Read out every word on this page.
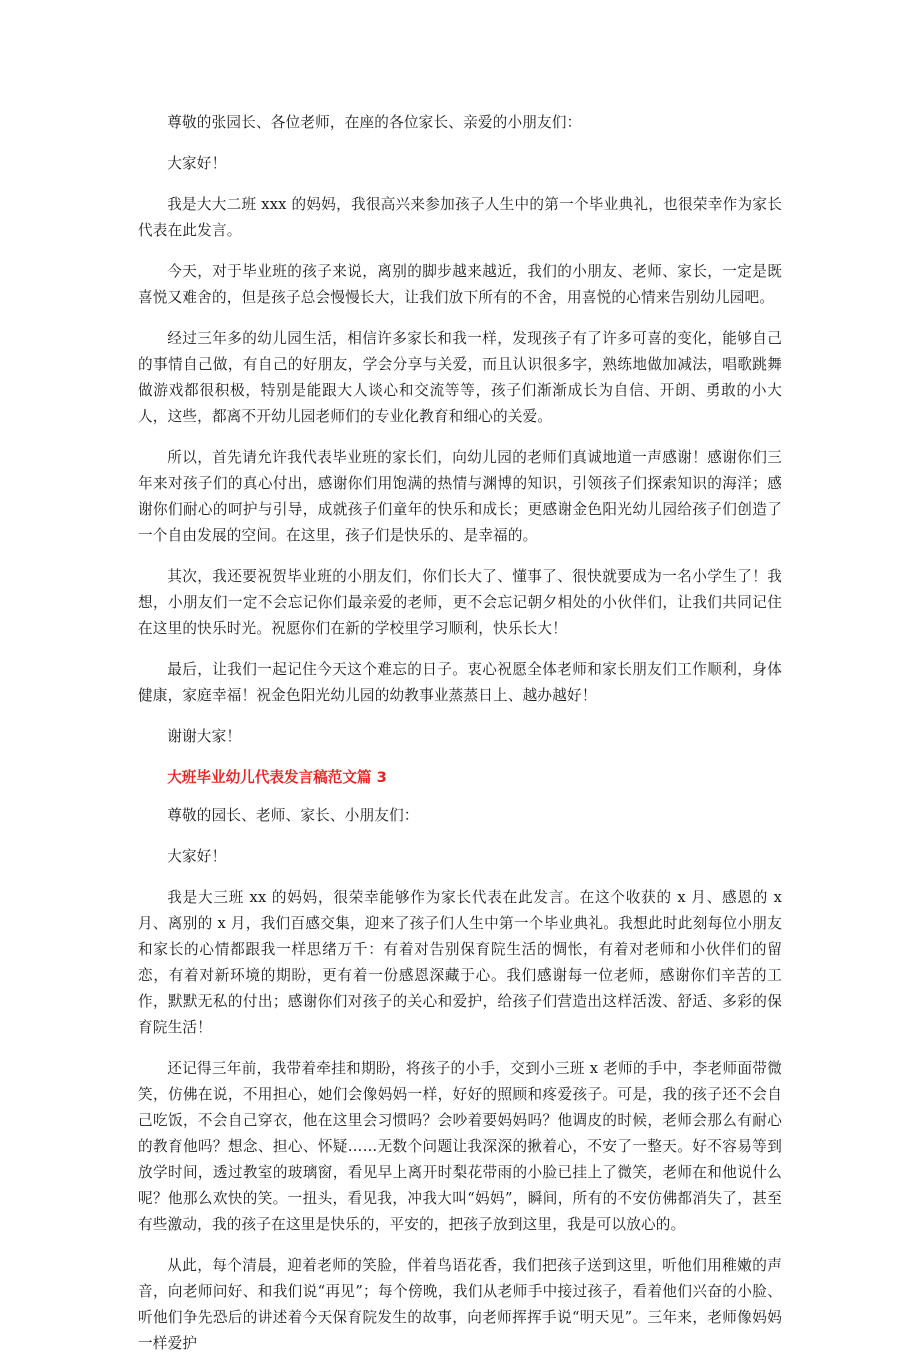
尊敬的张园长、各位老师，在座的各位家长、亲爱的小朋友们：

大家好！

我是大大二班 xxx 的妈妈，我很高兴来参加孩子人生中的第一个毕业典礼，也很荣幸作为家长代表在此发言。

今天，对于毕业班的孩子来说，离别的脚步越来越近，我们的小朋友、老师、家长，一定是既喜悦又难舍的，但是孩子总会慢慢长大，让我们放下所有的不舍，用喜悦的心情来告别幼儿园吧。

经过三年多的幼儿园生活，相信许多家长和我一样，发现孩子有了许多可喜的变化，能够自己的事情自己做，有自己的好朋友，学会分享与关爱，而且认识很多字，熟练地做加减法，唱歌跳舞做游戏都很积极，特别是能跟大人谈心和交流等等，孩子们渐渐成长为自信、开朗、勇敢的小大人，这些，都离不开幼儿园老师们的专业化教育和细心的关爱。

所以，首先请允许我代表毕业班的家长们，向幼儿园的老师们真诚地道一声感谢！感谢你们三年来对孩子们的真心付出，感谢你们用饱满的热情与渊博的知识，引领孩子们探索知识的海洋；感谢你们耐心的呵护与引导，成就孩子们童年的快乐和成长；更感谢金色阳光幼儿园给孩子们创造了一个自由发展的空间。在这里，孩子们是快乐的、是幸福的。

其次，我还要祝贺毕业班的小朋友们，你们长大了、懂事了、很快就要成为一名小学生了！我想，小朋友们一定不会忘记你们最亲爱的老师，更不会忘记朝夕相处的小伙伴们，让我们共同记住在这里的快乐时光。祝愿你们在新的学校里学习顺利，快乐长大！

最后，让我们一起记住今天这个难忘的日子。衷心祝愿全体老师和家长朋友们工作顺利，身体健康，家庭幸福！祝金色阳光幼儿园的幼教事业蒸蒸日上、越办越好！

谢谢大家！

大班毕业幼儿代表发言稿范文篇 3

尊敬的园长、老师、家长、小朋友们：

大家好！

我是大三班 xx 的妈妈，很荣幸能够作为家长代表在此发言。在这个收获的 x 月、感恩的 x 月、离别的 x 月，我们百感交集，迎来了孩子们人生中第一个毕业典礼。我想此时此刻每位小朋友和家长的心情都跟我一样思绪万千：有着对告别保育院生活的惆怅，有着对老师和小伙伴们的留恋，有着对新环境的期盼，更有着一份感恩深藏于心。我们感谢每一位老师，感谢你们辛苦的工作，默默无私的付出；感谢你们对孩子的关心和爱护，给孩子们营造出这样活泼、舒适、多彩的保育院生活！

还记得三年前，我带着牵挂和期盼，将孩子的小手，交到小三班 x 老师的手中，李老师面带微笑，仿佛在说，不用担心，她们会像妈妈一样，好好的照顾和疼爱孩子。可是，我的孩子还不会自己吃饭，不会自己穿衣，他在这里会习惯吗？会吵着要妈妈吗？他调皮的时候，老师会那么有耐心的教育他吗？想念、担心、怀疑……无数个问题让我深深的揪着心，不安了一整天。好不容易等到放学时间，透过教室的玻璃窗，看见早上离开时梨花带雨的小脸已挂上了微笑，老师在和他说什么呢？他那么欢快的笑。一扭头，看见我，冲我大叫“妈妈”，瞬间，所有的不安仿佛都消失了，甚至有些激动，我的孩子在这里是快乐的，平安的，把孩子放到这里，我是可以放心的。

从此，每个清晨，迎着老师的笑脸，伴着鸟语花香，我们把孩子送到这里，听他们用稚嫩的声音，向老师问好、和我们说“再见”；每个傍晚，我们从老师手中接过孩子，看着他们兴奋的小脸、听他们争先恐后的讲述着今天保育院发生的故事，向老师挥挥手说“明天见”。三年来，老师像妈妈一样爱护
